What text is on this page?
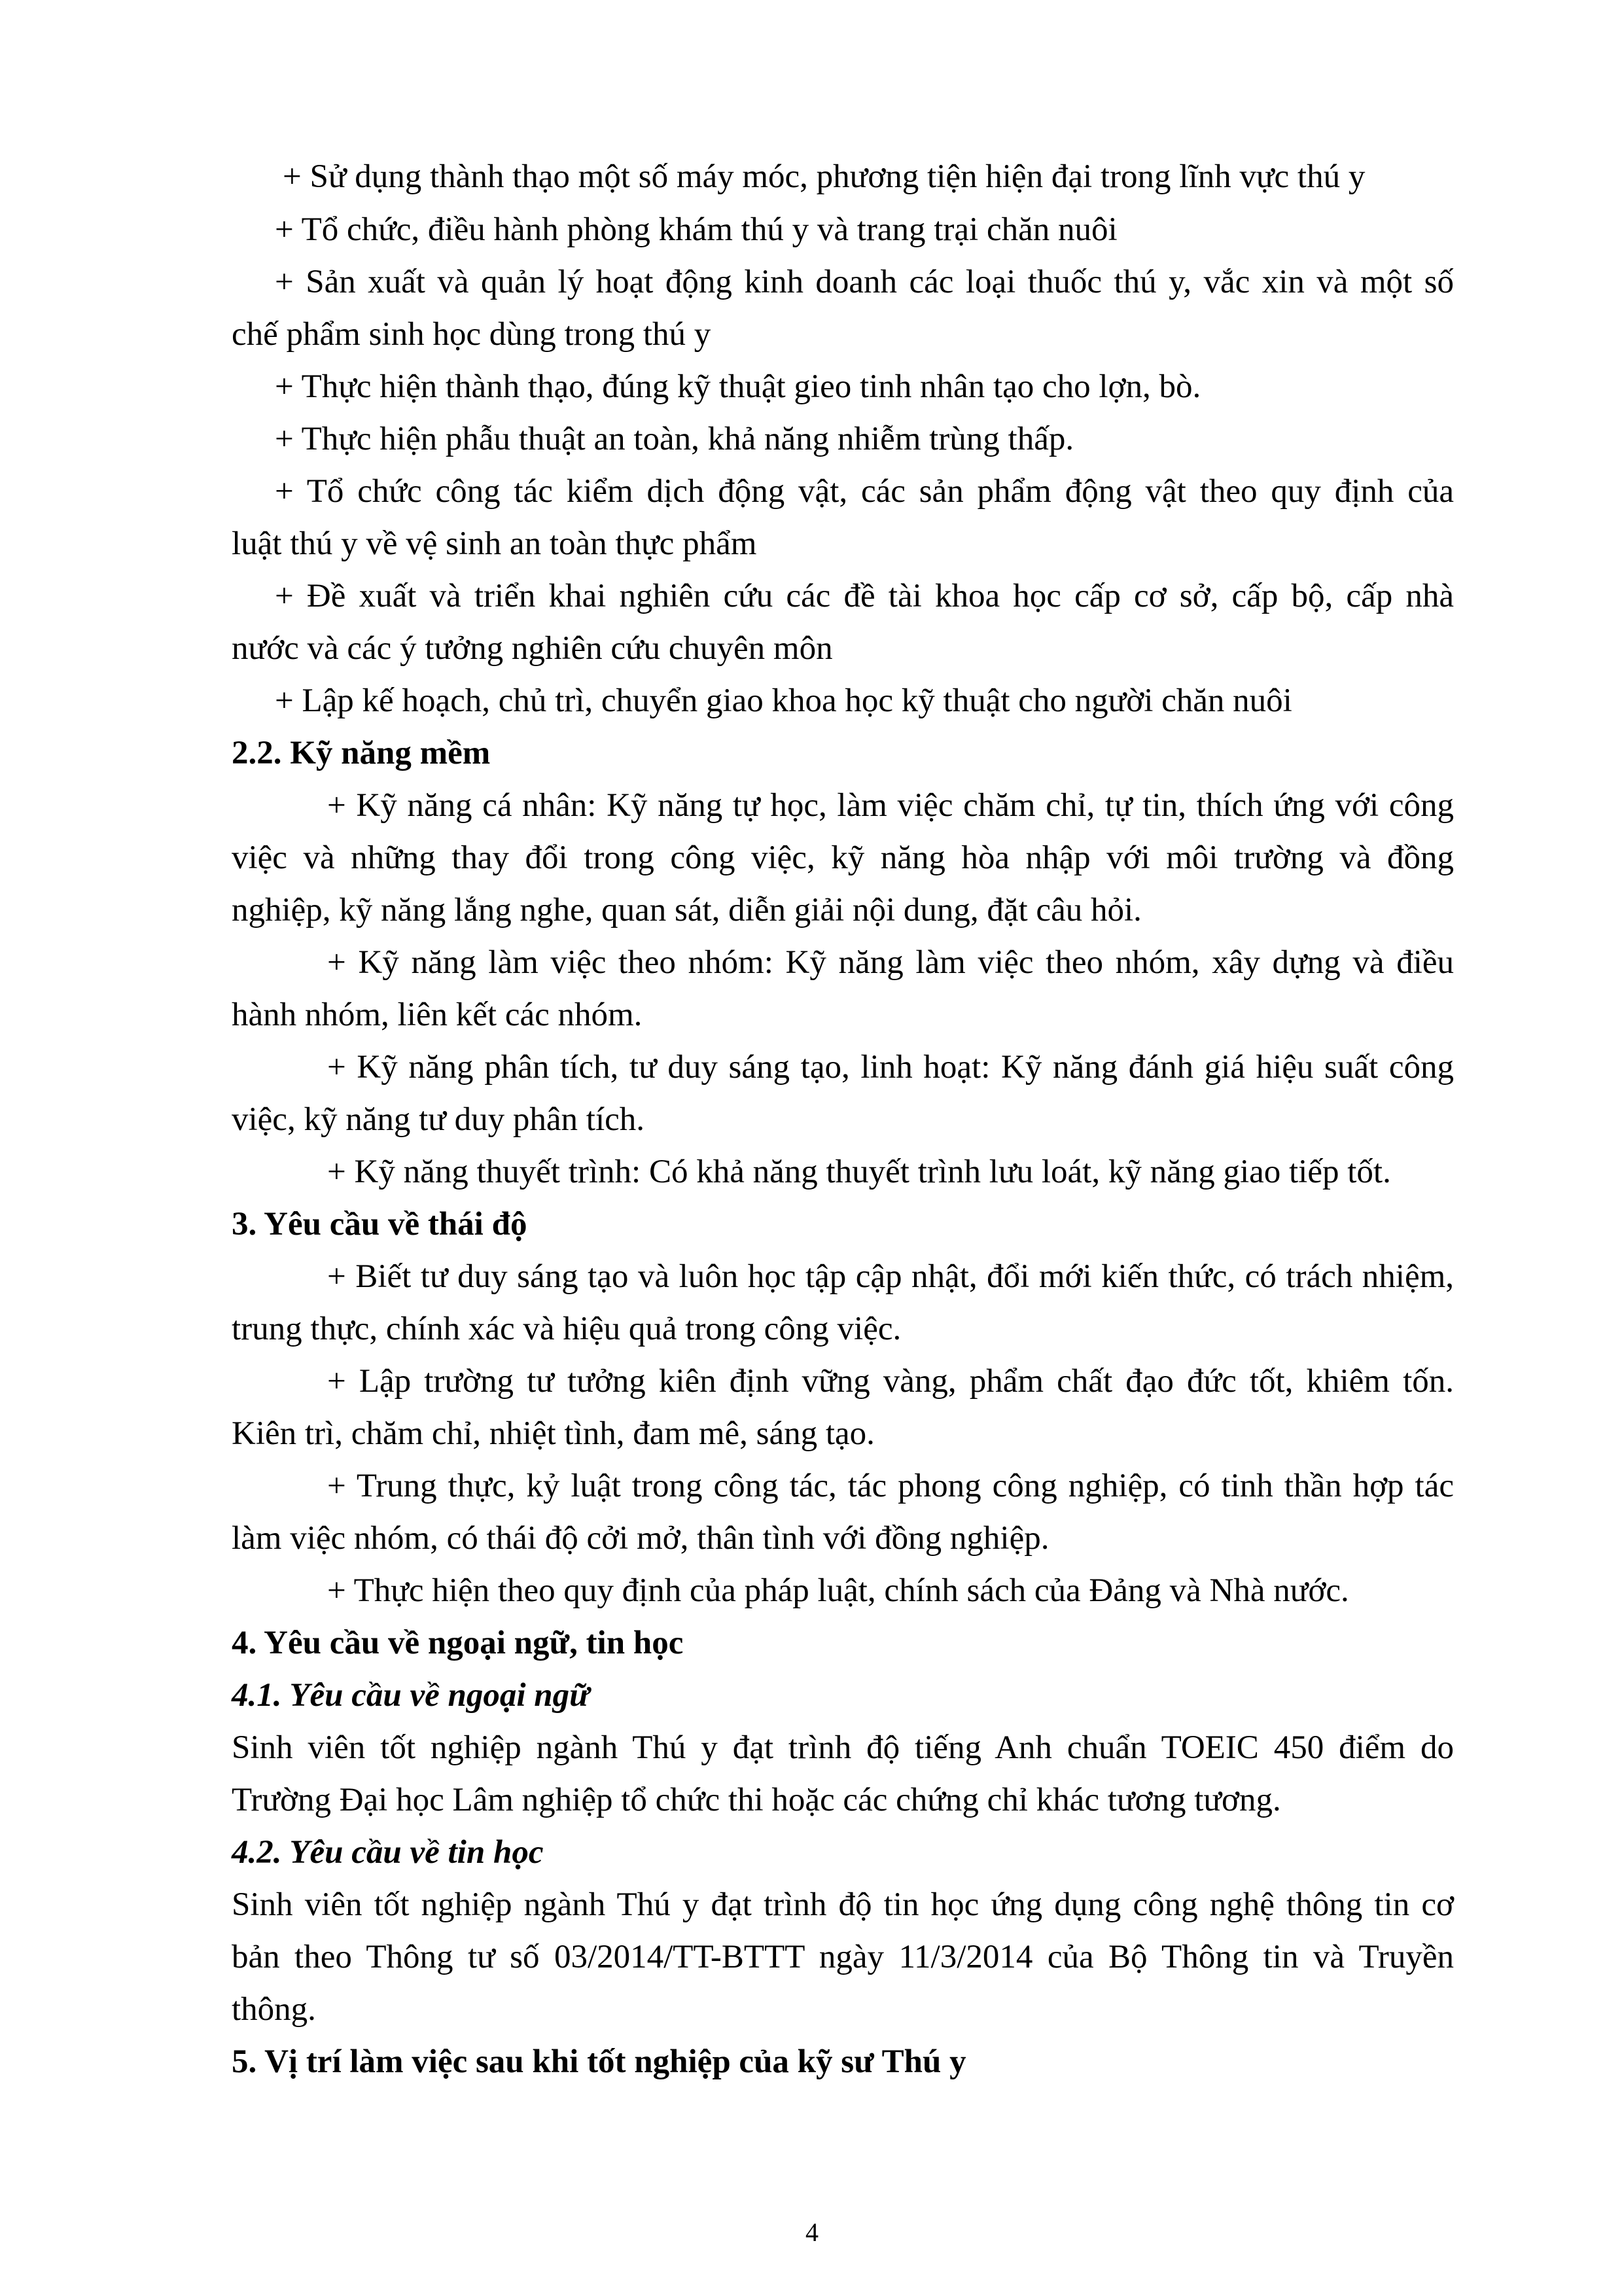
+ Sử dụng thành thạo một số máy móc, phương tiện hiện đại trong lĩnh vực thú y
+ Tổ chức, điều hành phòng khám thú y và trang trại chăn nuôi
+ Sản xuất và quản lý hoạt động kinh doanh các loại thuốc thú y, vắc xin và một số
chế phẩm sinh học dùng trong thú y
+ Thực hiện thành thạo, đúng kỹ thuật gieo tinh nhân tạo cho lợn, bò.
+ Thực hiện phẫu thuật an toàn, khả năng nhiễm trùng thấp.
+ Tổ chức công tác kiểm dịch động vật, các sản phẩm động vật theo quy định của
luật thú y về vệ sinh an toàn thực phẩm
+ Đề xuất và triển khai nghiên cứu các đề tài khoa học cấp cơ sở, cấp bộ, cấp nhà
nước và các ý tưởng nghiên cứu chuyên môn
+ Lập kế hoạch, chủ trì, chuyển giao khoa học kỹ thuật cho người chăn nuôi
2.2. Kỹ năng mềm
+ Kỹ năng cá nhân: Kỹ năng tự học, làm việc chăm chỉ, tự tin, thích ứng với công
việc và những thay đổi trong công việc, kỹ năng hòa nhập với môi trường và đồng
nghiệp, kỹ năng lắng nghe, quan sát, diễn giải nội dung, đặt câu hỏi.
+ Kỹ năng làm việc theo nhóm: Kỹ năng làm việc theo nhóm, xây dựng và điều
hành nhóm, liên kết các nhóm.
+ Kỹ năng phân tích, tư duy sáng tạo, linh hoạt: Kỹ năng đánh giá hiệu suất công
việc, kỹ năng tư duy phân tích.
+ Kỹ năng thuyết trình: Có khả năng thuyết trình lưu loát, kỹ năng giao tiếp tốt.
3. Yêu cầu về thái độ
+ Biết tư duy sáng tạo và luôn học tập cập nhật, đổi mới kiến thức, có trách nhiệm,
trung thực, chính xác và hiệu quả trong công việc.
+ Lập trường tư tưởng kiên định vững vàng, phẩm chất đạo đức tốt, khiêm tốn.
Kiên trì, chăm chỉ, nhiệt tình, đam mê, sáng tạo.
+ Trung thực, kỷ luật trong công tác, tác phong công nghiệp, có tinh thần hợp tác
làm việc nhóm, có thái độ cởi mở, thân tình với đồng nghiệp.
+ Thực hiện theo quy định của pháp luật, chính sách của Đảng và Nhà nước.
4. Yêu cầu về ngoại ngữ, tin học
4.1. Yêu cầu về ngoại ngữ
Sinh viên tốt nghiệp ngành Thú y đạt trình độ tiếng Anh chuẩn TOEIC 450 điểm do
Trường Đại học Lâm nghiệp tổ chức thi hoặc các chứng chỉ khác tương tương.
4.2. Yêu cầu về tin học
Sinh viên tốt nghiệp ngành Thú y đạt trình độ tin học ứng dụng công nghệ thông tin cơ
bản theo Thông tư số 03/2014/TT-BTTT ngày 11/3/2014 của Bộ Thông tin và Truyền
thông.
5. Vị trí làm việc sau khi tốt nghiệp của kỹ sư Thú y
4
